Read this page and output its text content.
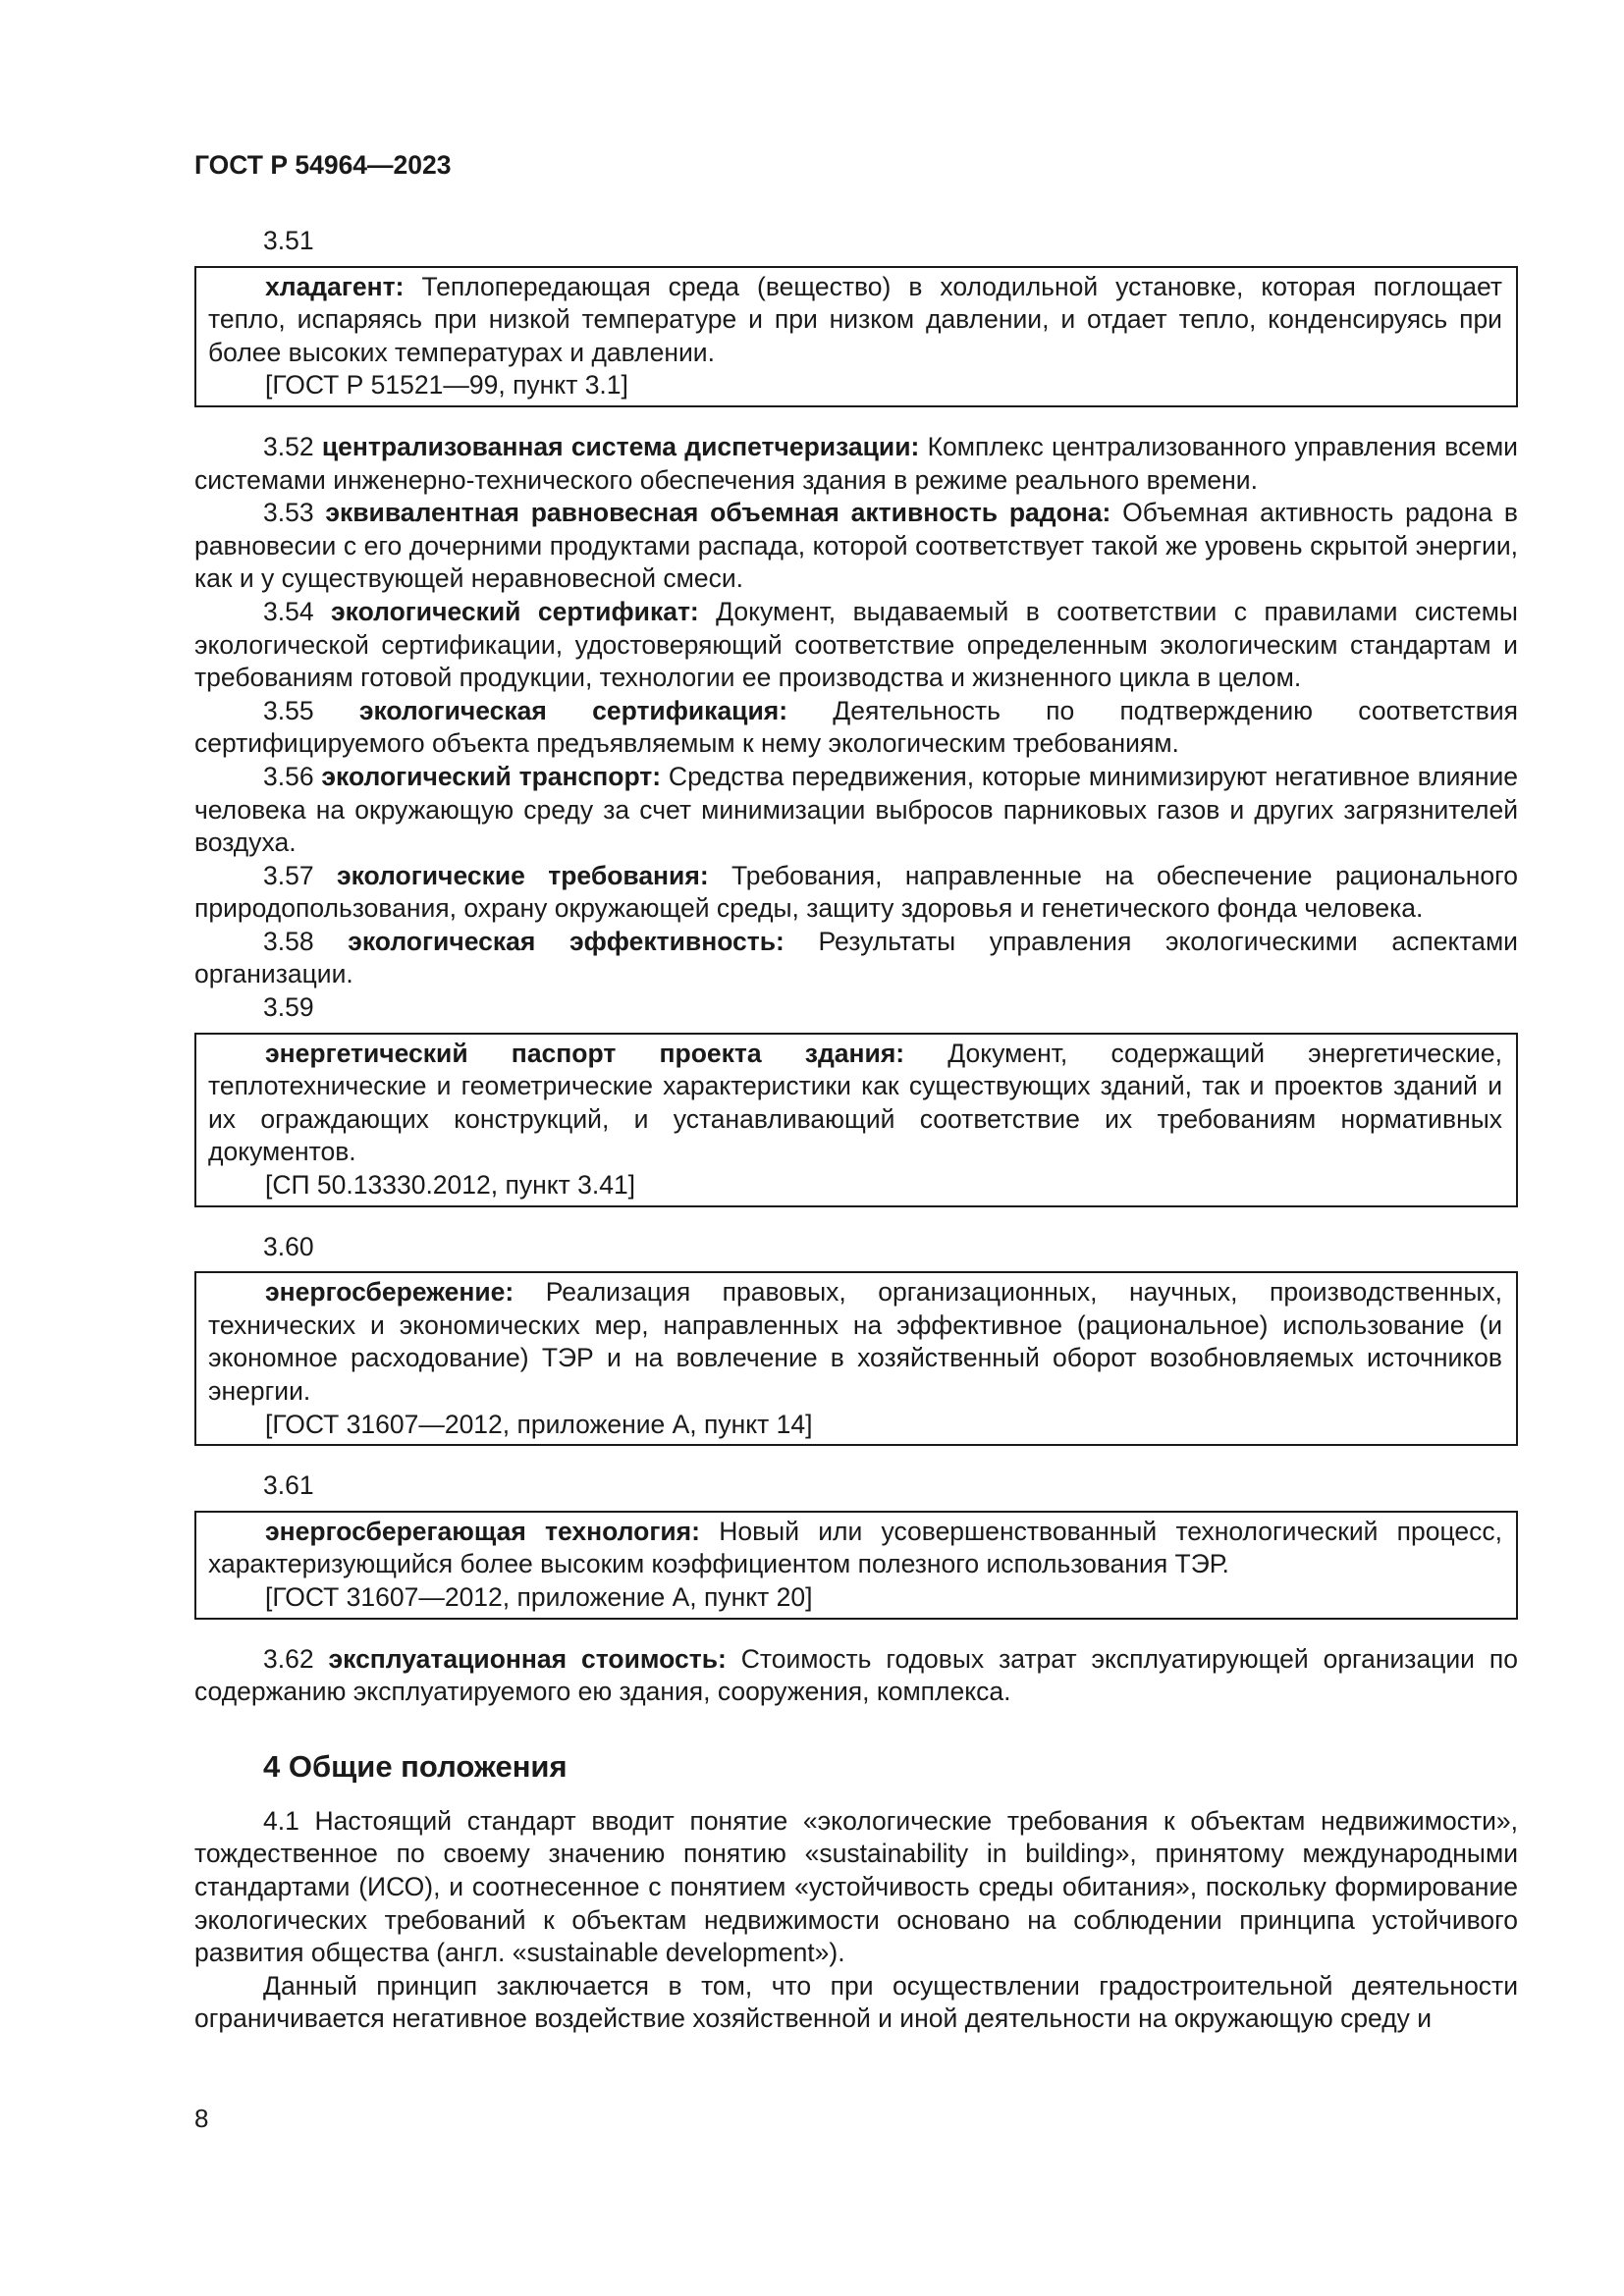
ГОСТ Р 54964—2023
3.51
хладагент: Теплопередающая среда (вещество) в холодильной установке, которая поглощает тепло, испаряясь при низкой температуре и при низком давлении, и отдает тепло, конденсируясь при более высоких температурах и давлении.
[ГОСТ Р 51521—99, пункт 3.1]
3.52 централизованная система диспетчеризации: Комплекс централизованного управления всеми системами инженерно-технического обеспечения здания в режиме реального времени.
3.53 эквивалентная равновесная объемная активность радона: Объемная активность радона в равновесии с его дочерними продуктами распада, которой соответствует такой же уровень скрытой энергии, как и у существующей неравновесной смеси.
3.54 экологический сертификат: Документ, выдаваемый в соответствии с правилами системы экологической сертификации, удостоверяющий соответствие определенным экологическим стандартам и требованиям готовой продукции, технологии ее производства и жизненного цикла в целом.
3.55 экологическая сертификация: Деятельность по подтверждению соответствия сертифицируемого объекта предъявляемым к нему экологическим требованиям.
3.56 экологический транспорт: Средства передвижения, которые минимизируют негативное влияние человека на окружающую среду за счет минимизации выбросов парниковых газов и других загрязнителей воздуха.
3.57 экологические требования: Требования, направленные на обеспечение рационального природопользования, охрану окружающей среды, защиту здоровья и генетического фонда человека.
3.58 экологическая эффективность: Результаты управления экологическими аспектами организации.
3.59
энергетический паспорт проекта здания: Документ, содержащий энергетические, теплотехнические и геометрические характеристики как существующих зданий, так и проектов зданий и их ограждающих конструкций, и устанавливающий соответствие их требованиям нормативных документов.
[СП 50.13330.2012, пункт 3.41]
3.60
энергосбережение: Реализация правовых, организационных, научных, производственных, технических и экономических мер, направленных на эффективное (рациональное) использование (и экономное расходование) ТЭР и на вовлечение в хозяйственный оборот возобновляемых источников энергии.
[ГОСТ 31607—2012, приложение А, пункт 14]
3.61
энергосберегающая технология: Новый или усовершенствованный технологический процесс, характеризующийся более высоким коэффициентом полезного использования ТЭР.
[ГОСТ 31607—2012, приложение А, пункт 20]
3.62 эксплуатационная стоимость: Стоимость годовых затрат эксплуатирующей организации по содержанию эксплуатируемого ею здания, сооружения, комплекса.
4 Общие положения
4.1 Настоящий стандарт вводит понятие «экологические требования к объектам недвижимости», тождественное по своему значению понятию «sustainability in building», принятому международными стандартами (ИСО), и соотнесенное с понятием «устойчивость среды обитания», поскольку формирование экологических требований к объектам недвижимости основано на соблюдении принципа устойчивого развития общества (англ. «sustainable development»).
Данный принцип заключается в том, что при осуществлении градостроительной деятельности ограничивается негативное воздействие хозяйственной и иной деятельности на окружающую среду и
8
